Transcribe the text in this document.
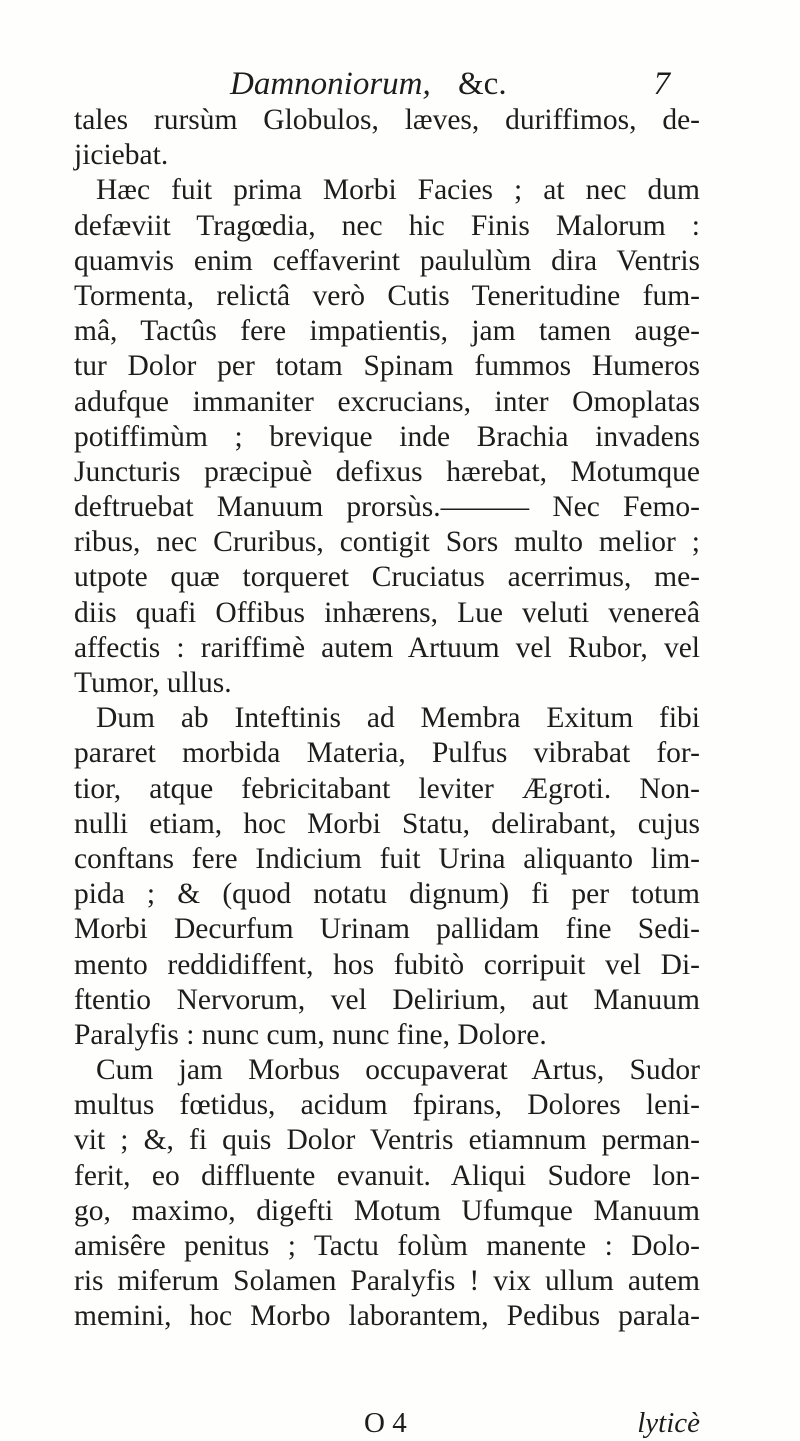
Damnoniorum, &c.	7
tales rursùm Globulos, læves, duriffimos, de-
jiciebat.
Hæc fuit prima Morbi Facies ; at nec dum
defæviit Tragœdia, nec hic Finis Malorum :
quamvis enim ceffaverint paululùm dira Ventris
Tormenta, relictâ verò Cutis Teneritudine fum-
mâ, Tactûs fere impatientis, jam tamen auge-
tur Dolor per totam Spinam fummos Humeros
adufque immaniter excrucians, inter Omoplatas
potiffimùm ; brevique inde Brachia invadens
Juncturis præcipuè defixus hærebat, Motumque
deftruebat Manuum prorsùs.——— Nec Femo-
ribus, nec Cruribus, contigit Sors multo melior ;
utpote quæ torqueret Cruciatus acerrimus, me-
diis quafi Offibus inhærens, Lue veluti venereâ
affectis : rariffimè autem Artuum vel Rubor, vel
Tumor, ullus.
Dum ab Inteftinis ad Membra Exitum fibi
pararet morbida Materia, Pulfus vibrabat for-
tior, atque febricitabant leviter Ægroti. Non-
nulli etiam, hoc Morbi Statu, delirabant, cujus
conftans fere Indicium fuit Urina aliquanto lim-
pida ; & (quod notatu dignum) fi per totum
Morbi Decurfum Urinam pallidam fine Sedi-
mento reddidiffent, hos fubitò corripuit vel Di-
ftentio Nervorum, vel Delirium, aut Manuum
Paralyfis : nunc cum, nunc fine, Dolore.
Cum jam Morbus occupaverat Artus, Sudor
multus fœtidus, acidum fpirans, Dolores leni-
vit ; &, fi quis Dolor Ventris etiamnum perman-
ferit, eo diffluente evanuit. Aliqui Sudore lon-
go, maximo, digefti Motum Ufumque Manuum
amisêre penitus ; Tactu folùm manente : Dolo-
ris miferum Solamen Paralyfis ! vix ullum autem
memini, hoc Morbo laborantem, Pedibus parala-
O 4	lyticè
